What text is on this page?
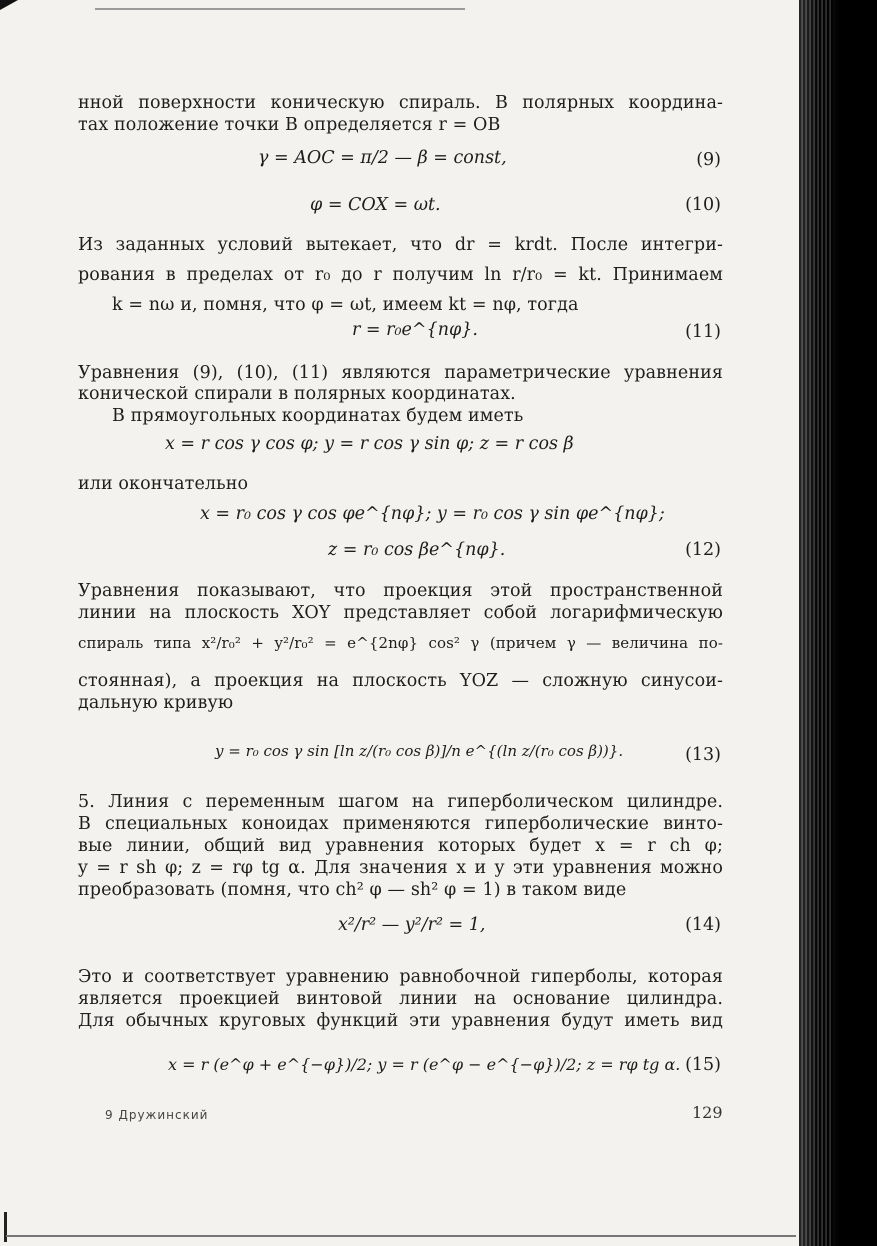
нной поверхности коническую спираль. В полярных координа-
тах положение точки B определяется r = OB
γ = AOC = π/2 — β = const,	(9)
φ = COX = ωt.	(10)
Из заданных условий вытекает, что dr = krdt. После интегри-
рования в пределах от r₀ до r получим ln r/r₀ = kt. Принимаем
k = nω и, помня, что φ = ωt, имеем kt = nφ, тогда
r = r₀e^{nφ}.	(11)
Уравнения (9), (10), (11) являются параметрические уравнения
конической спирали в полярных координатах.
В прямоугольных координатах будем иметь
x = r cos γ cos φ; y = r cos γ sin φ; z = r cos β
или окончательно
x = r₀ cos γ cos φe^{nφ}; y = r₀ cos γ sin φe^{nφ};
z = r₀ cos βe^{nφ}.	(12)
Уравнения показывают, что проекция этой пространственной
линии на плоскость XOY представляет собой логарифмическую
спираль типа x²/r₀² + y²/r₀² = e^{2nφ} cos² γ (причем γ — величина по-
стоянная), а проекция на плоскость YOZ — сложную синусои-
дальную кривую
y = r₀ cos γ sin [ln z/(r₀ cos β)]/n e^{(ln z/(r₀ cos β))}.	(13)
5. Линия с переменным шагом на гиперболическом цилиндре.
В специальных коноидах применяются гиперболические винто-
вые линии, общий вид уравнения которых будет x = r ch φ;
y = r sh φ; z = rφ tg α. Для значения x и y эти уравнения можно
преобразовать (помня, что ch² φ — sh² φ = 1) в таком виде
x²/r² — y²/r² = 1,	(14)
Это и соответствует уравнению равнобочной гиперболы, которая
является проекцией винтовой линии на основание цилиндра.
Для обычных круговых функций эти уравнения будут иметь вид
x = r (e^φ + e^{−φ})/2; y = r (e^φ − e^{−φ})/2; z = rφ tg α. (15)
9 Дружинский	129
